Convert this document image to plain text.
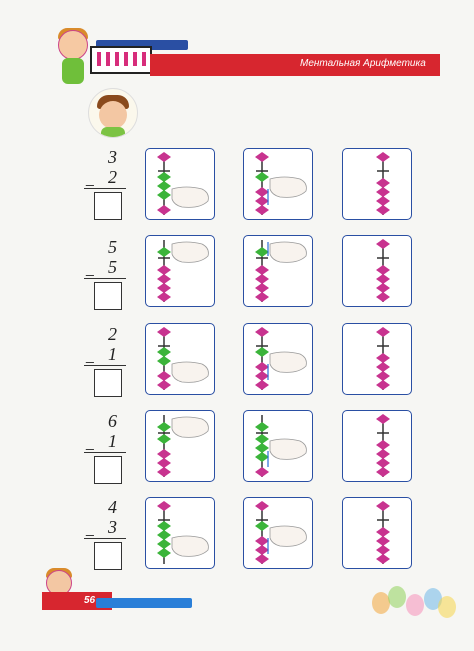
Ментальная Арифметика
3
_ 2
5
_ 5
2
_ 1
6
_ 1
4
_ 3
56
